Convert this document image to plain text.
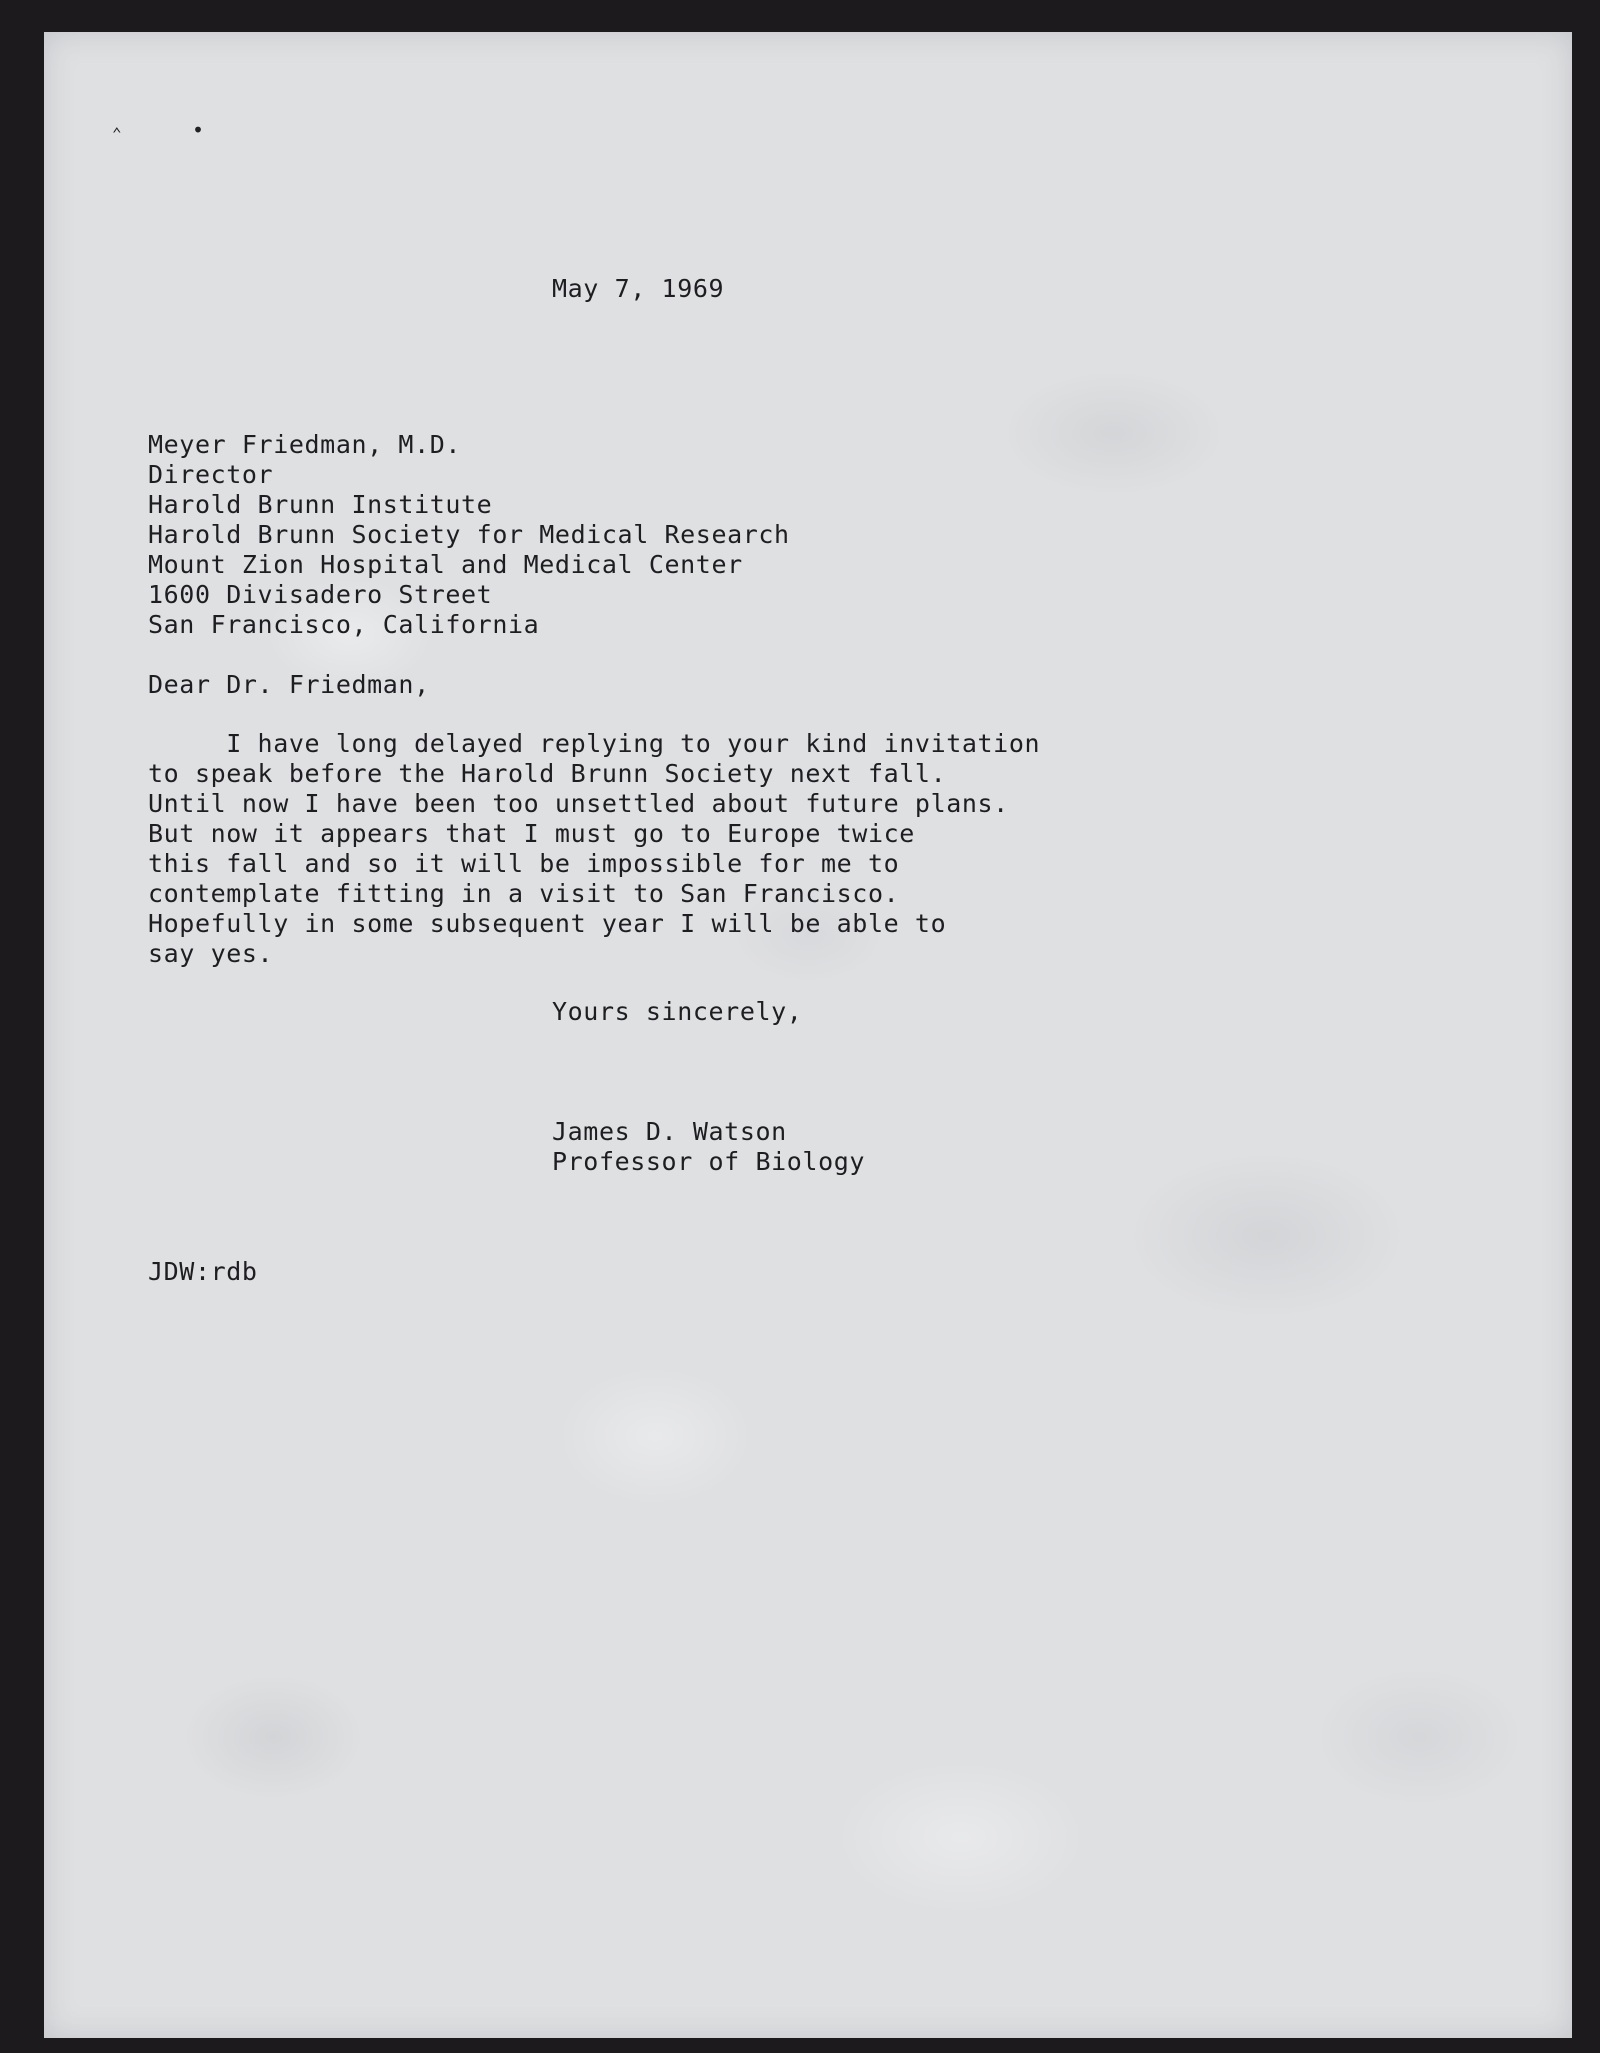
⌃	•

May 7, 1969

Meyer Friedman, M.D.

Director

Harold Brunn Institute

Harold Brunn Society for Medical Research

Mount Zion Hospital and Medical Center

1600 Divisadero Street

San Francisco, California

Dear Dr. Friedman,

I have long delayed replying to your kind invitation

to speak before the Harold Brunn Society next fall.

Until now I have been too unsettled about future plans.

But now it appears that I must go to Europe twice

this fall and so it will be impossible for me to

contemplate fitting in a visit to San Francisco.

Hopefully in some subsequent year I will be able to

say yes.

Yours sincerely,

James D. Watson

Professor of Biology

JDW:rdb
